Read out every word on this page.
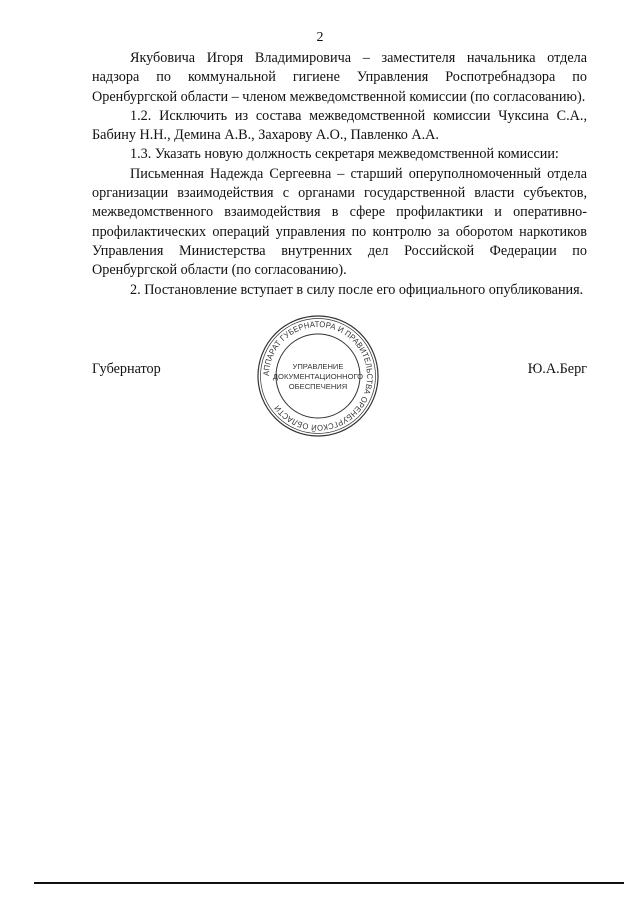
2

Якубовича Игоря Владимировича – заместителя начальника отдела надзора по коммунальной гигиене Управления Роспотребнадзора по Оренбургской области – членом межведомственной комиссии (по согласованию).

1.2. Исключить из состава межведомственной комиссии Чуксина С.А., Бабину Н.Н., Демина А.В., Захарову А.О., Павленко А.А.

1.3. Указать новую должность секретаря межведомственной комиссии:

Письменная Надежда Сергеевна – старший оперуполномоченный отдела организации взаимодействия с органами государственной власти субъектов, межведомственного взаимодействия в сфере профилактики и оперативно-профилактических операций управления по контролю за оборотом наркотиков Управления Министерства внутренних дел Российской Федерации по Оренбургской области (по согласованию).

2. Постановление вступает в силу после его официального опубликования.

Губернатор	Ю.А.Берг
АППАРАТ ГУБЕРНАТОРА И ПРАВИТЕЛЬСТВА ОРЕНБУРГСКОЙ ОБЛАСТИ
УПРАВЛЕНИЕ
ДОКУМЕНТАЦИОННОГО
ОБЕСПЕЧЕНИЯ
